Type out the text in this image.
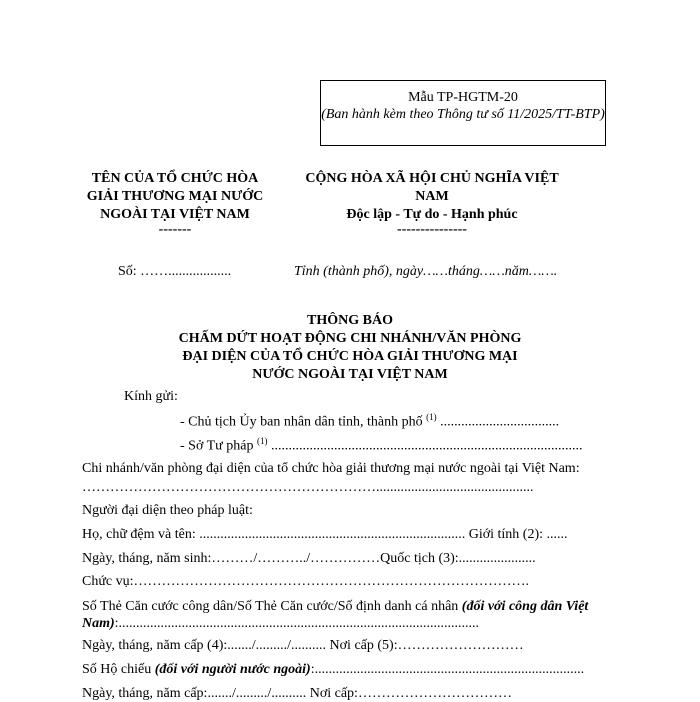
Mẫu TP-HGTM-20
(Ban hành kèm theo Thông tư số 11/2025/TT-BTP)
TÊN CỦA TỔ CHỨC HÒA GIẢI THƯƠNG MẠI NƯỚC NGOÀI TẠI VIỆT NAM
-------
Số: ……..................
CỘNG HÒA XÃ HỘI CHỦ NGHĨA VIỆT NAM
Độc lập - Tự do - Hạnh phúc
---------------
Tỉnh (thành phố), ngày……tháng……năm…….
THÔNG BÁO
CHẤM DỨT HOẠT ĐỘNG CHI NHÁNH/VĂN PHÒNG
ĐẠI DIỆN CỦA TỔ CHỨC HÒA GIẢI THƯƠNG MẠI
NƯỚC NGOÀI TẠI VIỆT NAM
Kính gửi:
- Chủ tịch Ủy ban nhân dân tỉnh, thành phố $^{(1)}$ ..................................
- Sở Tư pháp $^{(1)}$ .........................................................................................
Chi nhánh/văn phòng đại diện của tổ chức hòa giải thương mại nước ngoài tại Việt Nam:
……………………………………………………….............................................
Người đại diện theo pháp luật:
Họ, chữ đệm và tên: ............................................................................ Giới tính (2): ......
Ngày, tháng, năm sinh:………/………../……………Quốc tịch (3):......................
Chức vụ:………………………………………………………………………….
Số Thẻ Căn cước công dân/Số Thẻ Căn cước/Số định danh cá nhân (đối với công dân Việt Nam):.......................................................................................................
Ngày, tháng, năm cấp (4):......./........./.......... Nơi cấp (5):………………………
Số Hộ chiếu (đối với người nước ngoài):.............................................................................
Ngày, tháng, năm cấp:......./........./.......... Nơi cấp:……………………………
